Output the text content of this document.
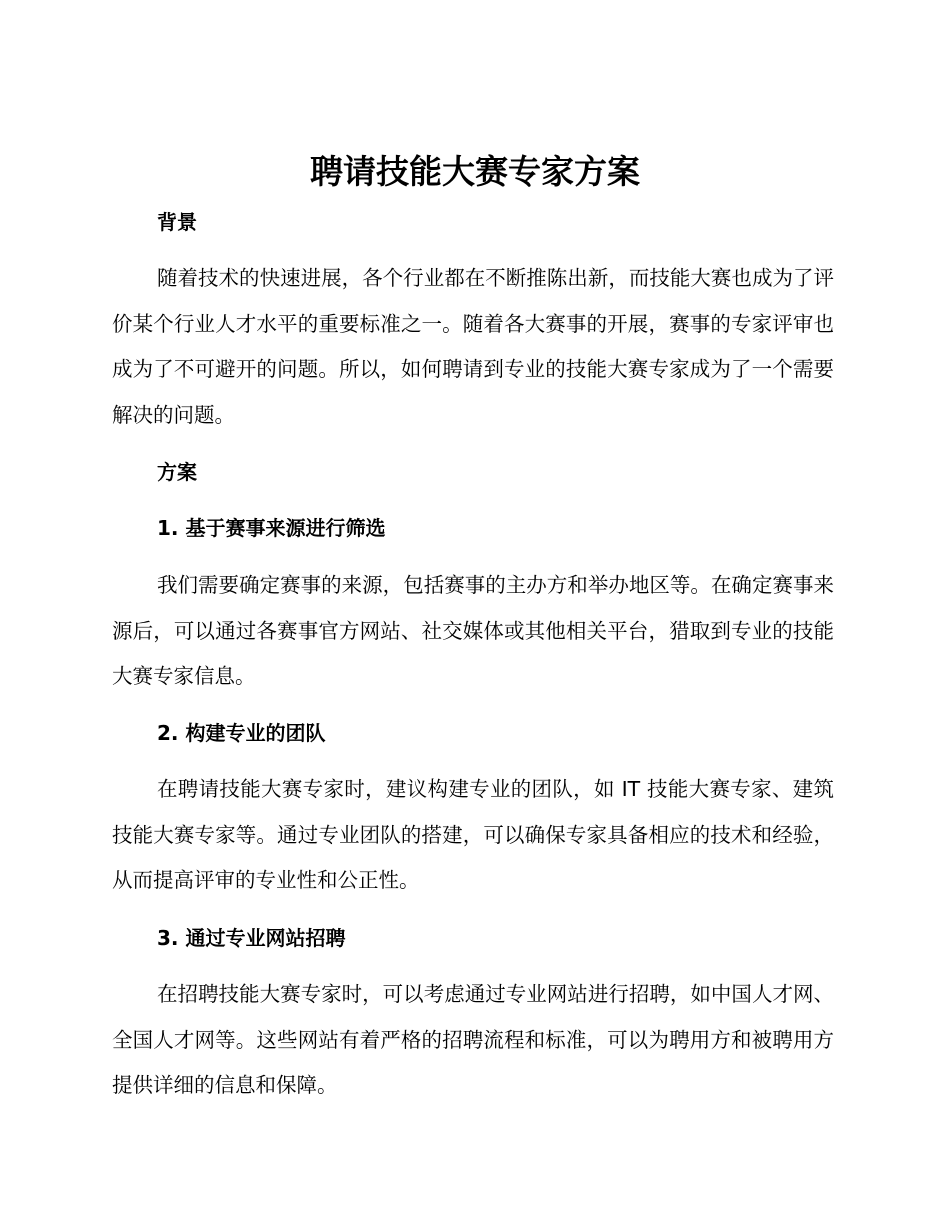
聘请技能大赛专家方案
背景

随着技术的快速进展，各个行业都在不断推陈出新，而技能大赛也成为了评价某个行业人才水平的重要标准之一。随着各大赛事的开展，赛事的专家评审也成为了不可避开的问题。所以，如何聘请到专业的技能大赛专家成为了一个需要解决的问题。

方案
1. 基于赛事来源进行筛选

我们需要确定赛事的来源，包括赛事的主办方和举办地区等。在确定赛事来源后，可以通过各赛事官方网站、社交媒体或其他相关平台，猎取到专业的技能大赛专家信息。

2. 构建专业的团队

在聘请技能大赛专家时，建议构建专业的团队，如 IT 技能大赛专家、建筑技能大赛专家等。通过专业团队的搭建，可以确保专家具备相应的技术和经验，从而提高评审的专业性和公正性。

3. 通过专业网站招聘

在招聘技能大赛专家时，可以考虑通过专业网站进行招聘，如中国人才网、全国人才网等。这些网站有着严格的招聘流程和标准，可以为聘用方和被聘用方提供详细的信息和保障。
